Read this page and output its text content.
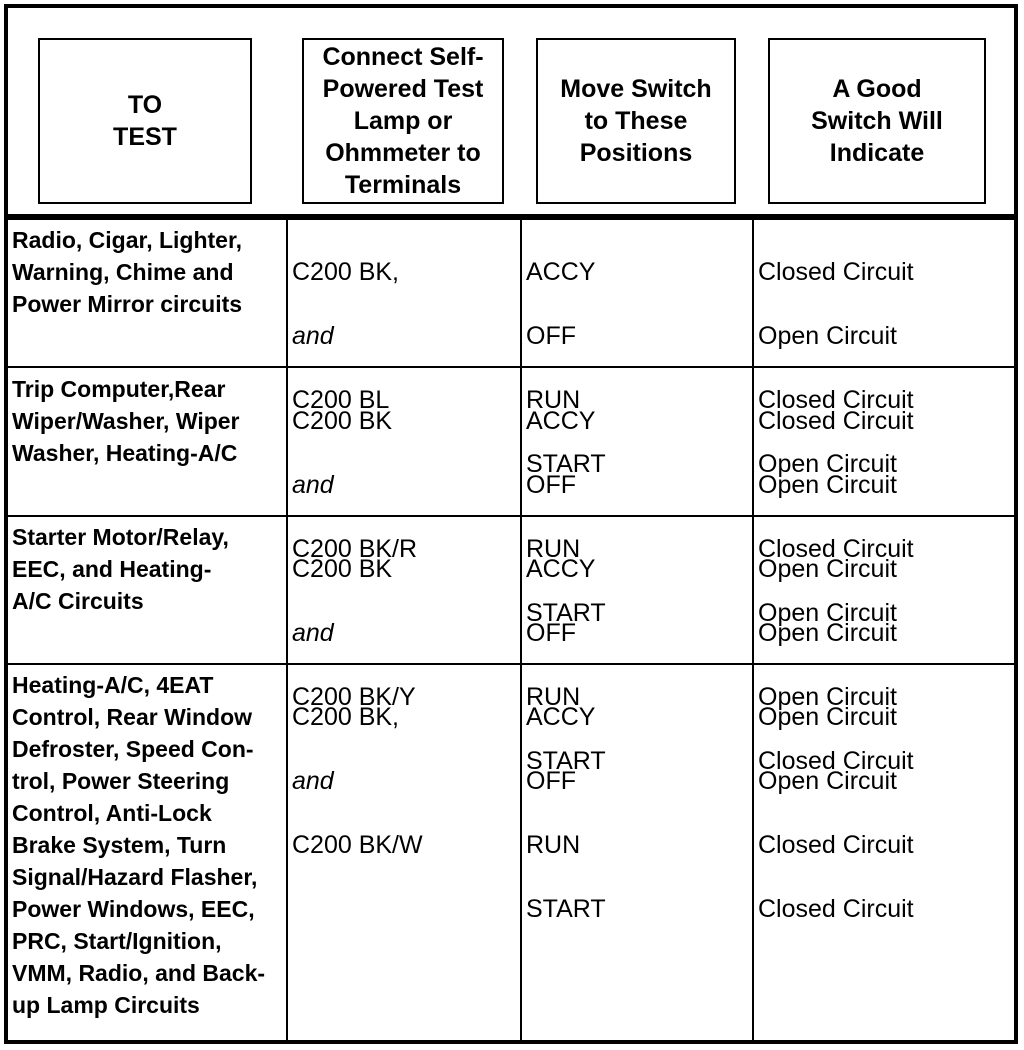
TO
TEST
Connect Self-
Powered Test
Lamp or
Ohmmeter to
Terminals
Move Switch
to These
Positions
A Good
Switch Will
Indicate
Radio, Cigar, Lighter,
Warning, Chime and
Power Mirror circuits

C200 BK,

and

C200 BL

ACCY

OFF

RUN

START

Closed Circuit

Open Circuit

Closed Circuit

Open Circuit

Trip Computer,Rear
Wiper/Washer, Wiper
Washer, Heating-A/C

C200 BK

and

C200 BK/R

ACCY

OFF

RUN

START

Closed Circuit

Open Circuit

Closed Circuit

Open Circuit

Starter Motor/Relay,
EEC, and Heating-
A/C Circuits

C200 BK

and

C200 BK/Y

ACCY

OFF

RUN

START

Open Circuit

Open Circuit

Open Circuit

Closed Circuit

Heating-A/C, 4EAT
Control, Rear Window
Defroster, Speed Con-
trol, Power Steering
Control, Anti-Lock
Brake System, Turn
Signal/Hazard Flasher,
Power Windows, EEC,
PRC, Start/Ignition,
VMM, Radio, and Back-
up Lamp Circuits

C200 BK,

and

C200 BK/W

ACCY

OFF

RUN

START

Open Circuit

Open Circuit

Closed Circuit

Closed Circuit
